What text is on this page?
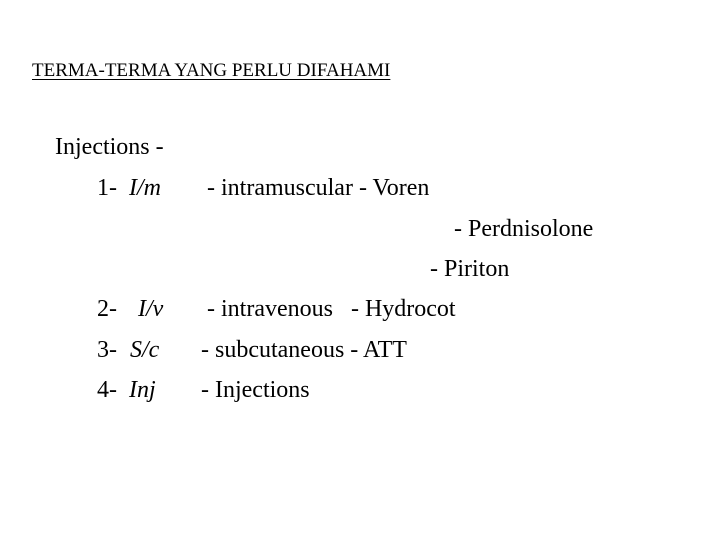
TERMA-TERMA YANG PERLU DIFAHAMI
Injections -
1- I/m - intramuscular - Voren
- Perdnisolone
- Piriton
2- I/v - intravenous   - Hydrocot
3- S/c - subcutaneous - ATT
4- Inj - Injections
